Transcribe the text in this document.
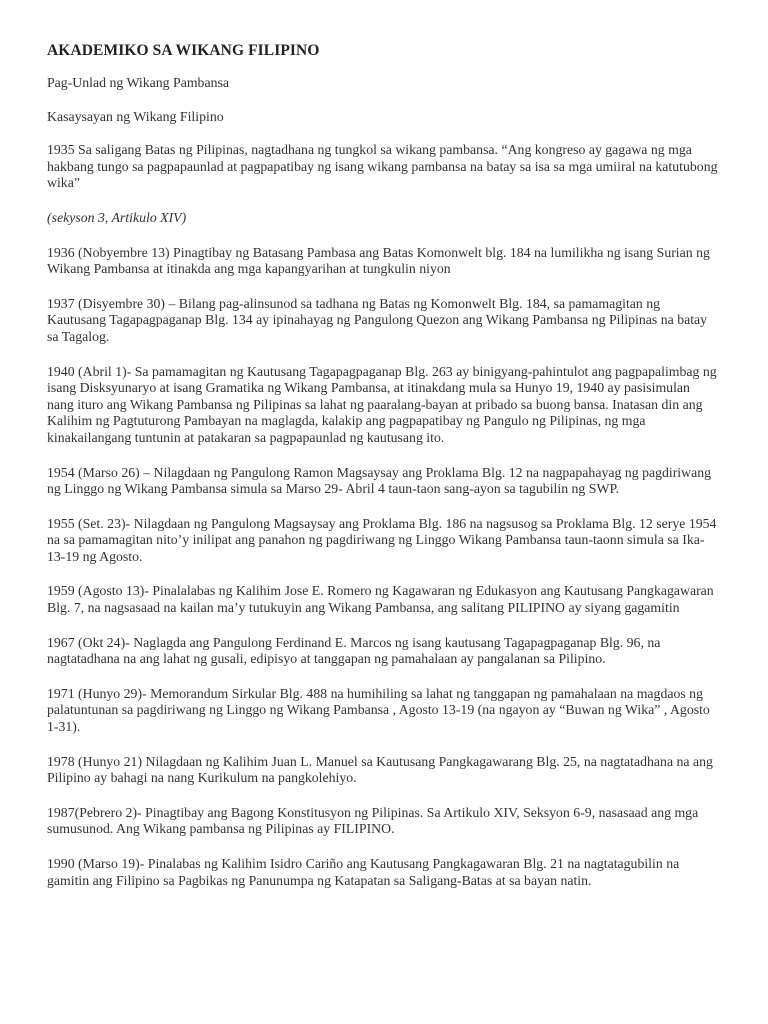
AKADEMIKO SA WIKANG FILIPINO

Pag-Unlad ng Wikang Pambansa

Kasaysayan ng Wikang Filipino

1935 Sa saligang Batas ng Pilipinas, nagtadhana ng tungkol sa wikang pambansa. “Ang kongreso ay gagawa ng mga hakbang tungo sa pagpapaunlad at pagpapatibay ng isang wikang pambansa na batay sa isa sa mga umiiral na katutubong wika”

(sekyson 3, Artikulo XIV)

1936 (Nobyembre 13) Pinagtibay ng Batasang Pambasa ang Batas Komonwelt blg. 184 na lumilikha ng isang Surian ng Wikang Pambansa at itinakda ang mga kapangyarihan at tungkulin niyon

1937 (Disyembre 30) – Bilang pag-alinsunod sa tadhana ng Batas ng Komonwelt Blg. 184, sa pamamagitan ng Kautusang Tagapagpaganap Blg. 134 ay ipinahayag ng Pangulong Quezon ang Wikang Pambansa ng Pilipinas na batay sa Tagalog.

1940 (Abril 1)- Sa pamamagitan ng Kautusang Tagapagpaganap Blg. 263 ay binigyang-pahintulot ang pagpapalimbag ng isang Disksyunaryo at isang Gramatika ng Wikang Pambansa, at itinakdang mula sa Hunyo 19, 1940 ay pasisimulan nang ituro ang Wikang Pambansa ng Pilipinas sa lahat ng paaralang-bayan at pribado sa buong bansa. Inatasan din ang Kalihim ng Pagtuturong Pambayan na maglagda, kalakip ang pagpapatibay ng Pangulo ng Pilipinas, ng mga kinakailangang tuntunin at patakaran sa pagpapaunlad ng kautusang ito.

1954 (Marso 26) – Nilagdaan ng Pangulong Ramon Magsaysay ang Proklama Blg. 12 na nagpapahayag ng pagdiriwang ng Linggo ng Wikang Pambansa simula sa Marso 29- Abril 4 taun-taon sang-ayon sa tagubilin ng SWP.

1955 (Set. 23)- Nilagdaan ng Pangulong Magsaysay ang Proklama Blg. 186 na nagsusog sa Proklama Blg. 12 serye 1954 na sa pamamagitan nito’y inilipat ang panahon ng pagdiriwang ng Linggo Wikang Pambansa taun-taonn simula sa Ika- 13-19 ng Agosto.

1959 (Agosto 13)- Pinalalabas ng Kalihim Jose E. Romero ng Kagawaran ng Edukasyon ang Kautusang Pangkagawaran Blg. 7, na nagsasaad na kailan ma’y tutukuyin ang Wikang Pambansa, ang salitang PILIPINO ay siyang gagamitin

1967 (Okt 24)- Naglagda ang Pangulong Ferdinand E. Marcos ng isang kautusang Tagapagpaganap Blg. 96, na nagtatadhana na ang lahat ng gusali, edipisyo at tanggapan ng pamahalaan ay pangalanan sa Pilipino.

1971 (Hunyo 29)- Memorandum Sirkular Blg. 488 na humihiling sa lahat ng tanggapan ng pamahalaan na magdaos ng palatuntunan sa pagdiriwang ng Linggo ng Wikang Pambansa , Agosto 13-19 (na ngayon ay “Buwan ng Wika” , Agosto 1-31).

1978 (Hunyo 21) Nilagdaan ng Kalihim Juan L. Manuel sa Kautusang Pangkagawarang Blg. 25, na nagtatadhana na ang Pilipino ay bahagi na nang Kurikulum na pangkolehiyo.

1987(Pebrero 2)- Pinagtibay ang Bagong Konstitusyon ng Pilipinas. Sa Artikulo XIV, Seksyon 6-9, nasasaad ang mga sumusunod. Ang Wikang pambansa ng Pilipinas ay FILIPINO.

1990 (Marso 19)- Pinalabas ng Kalihim Isidro Cariño ang Kautusang Pangkagawaran Blg. 21 na nagtatagubilin na gamitin ang Filipino sa Pagbikas ng Panunumpa ng Katapatan sa Saligang-Batas at sa bayan natin.
